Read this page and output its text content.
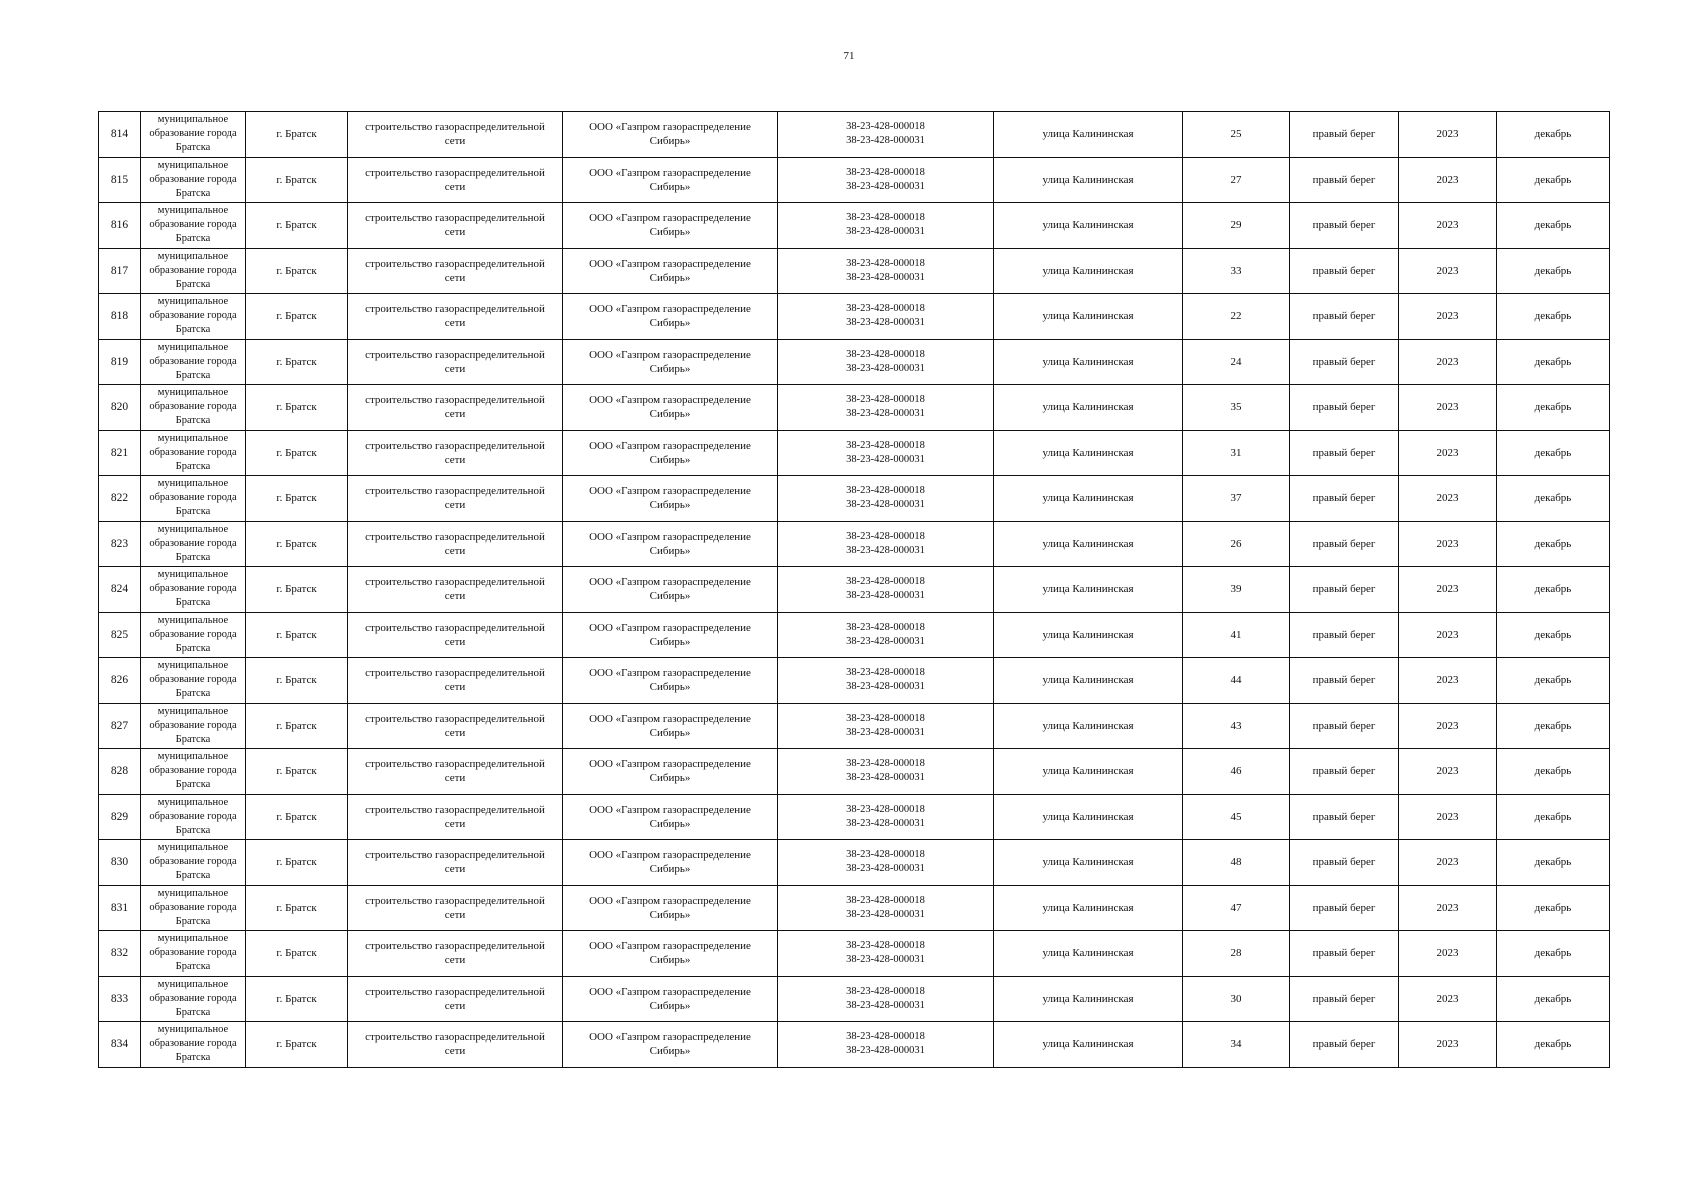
71
814	муниципальное
образование города
Братска	г. Братск	строительство газораспределительной
сети	ООО «Газпром газораспределение
Сибирь»	38-23-428-000018
38-23-428-000031	улица Калининская	25	правый берег	2023	декабрь
815	муниципальное
образование города
Братска	г. Братск	строительство газораспределительной
сети	ООО «Газпром газораспределение
Сибирь»	38-23-428-000018
38-23-428-000031	улица Калининская	27	правый берег	2023	декабрь
816	муниципальное
образование города
Братска	г. Братск	строительство газораспределительной
сети	ООО «Газпром газораспределение
Сибирь»	38-23-428-000018
38-23-428-000031	улица Калининская	29	правый берег	2023	декабрь
817	муниципальное
образование города
Братска	г. Братск	строительство газораспределительной
сети	ООО «Газпром газораспределение
Сибирь»	38-23-428-000018
38-23-428-000031	улица Калининская	33	правый берег	2023	декабрь
818	муниципальное
образование города
Братска	г. Братск	строительство газораспределительной
сети	ООО «Газпром газораспределение
Сибирь»	38-23-428-000018
38-23-428-000031	улица Калининская	22	правый берег	2023	декабрь
819	муниципальное
образование города
Братска	г. Братск	строительство газораспределительной
сети	ООО «Газпром газораспределение
Сибирь»	38-23-428-000018
38-23-428-000031	улица Калининская	24	правый берег	2023	декабрь
820	муниципальное
образование города
Братска	г. Братск	строительство газораспределительной
сети	ООО «Газпром газораспределение
Сибирь»	38-23-428-000018
38-23-428-000031	улица Калининская	35	правый берег	2023	декабрь
821	муниципальное
образование города
Братска	г. Братск	строительство газораспределительной
сети	ООО «Газпром газораспределение
Сибирь»	38-23-428-000018
38-23-428-000031	улица Калининская	31	правый берег	2023	декабрь
822	муниципальное
образование города
Братска	г. Братск	строительство газораспределительной
сети	ООО «Газпром газораспределение
Сибирь»	38-23-428-000018
38-23-428-000031	улица Калининская	37	правый берег	2023	декабрь
823	муниципальное
образование города
Братска	г. Братск	строительство газораспределительной
сети	ООО «Газпром газораспределение
Сибирь»	38-23-428-000018
38-23-428-000031	улица Калининская	26	правый берег	2023	декабрь
824	муниципальное
образование города
Братска	г. Братск	строительство газораспределительной
сети	ООО «Газпром газораспределение
Сибирь»	38-23-428-000018
38-23-428-000031	улица Калининская	39	правый берег	2023	декабрь
825	муниципальное
образование города
Братска	г. Братск	строительство газораспределительной
сети	ООО «Газпром газораспределение
Сибирь»	38-23-428-000018
38-23-428-000031	улица Калининская	41	правый берег	2023	декабрь
826	муниципальное
образование города
Братска	г. Братск	строительство газораспределительной
сети	ООО «Газпром газораспределение
Сибирь»	38-23-428-000018
38-23-428-000031	улица Калининская	44	правый берег	2023	декабрь
827	муниципальное
образование города
Братска	г. Братск	строительство газораспределительной
сети	ООО «Газпром газораспределение
Сибирь»	38-23-428-000018
38-23-428-000031	улица Калининская	43	правый берег	2023	декабрь
828	муниципальное
образование города
Братска	г. Братск	строительство газораспределительной
сети	ООО «Газпром газораспределение
Сибирь»	38-23-428-000018
38-23-428-000031	улица Калининская	46	правый берег	2023	декабрь
829	муниципальное
образование города
Братска	г. Братск	строительство газораспределительной
сети	ООО «Газпром газораспределение
Сибирь»	38-23-428-000018
38-23-428-000031	улица Калининская	45	правый берег	2023	декабрь
830	муниципальное
образование города
Братска	г. Братск	строительство газораспределительной
сети	ООО «Газпром газораспределение
Сибирь»	38-23-428-000018
38-23-428-000031	улица Калининская	48	правый берег	2023	декабрь
831	муниципальное
образование города
Братска	г. Братск	строительство газораспределительной
сети	ООО «Газпром газораспределение
Сибирь»	38-23-428-000018
38-23-428-000031	улица Калининская	47	правый берег	2023	декабрь
832	муниципальное
образование города
Братска	г. Братск	строительство газораспределительной
сети	ООО «Газпром газораспределение
Сибирь»	38-23-428-000018
38-23-428-000031	улица Калининская	28	правый берег	2023	декабрь
833	муниципальное
образование города
Братска	г. Братск	строительство газораспределительной
сети	ООО «Газпром газораспределение
Сибирь»	38-23-428-000018
38-23-428-000031	улица Калининская	30	правый берег	2023	декабрь
834	муниципальное
образование города
Братска	г. Братск	строительство газораспределительной
сети	ООО «Газпром газораспределение
Сибирь»	38-23-428-000018
38-23-428-000031	улица Калининская	34	правый берег	2023	декабрь
